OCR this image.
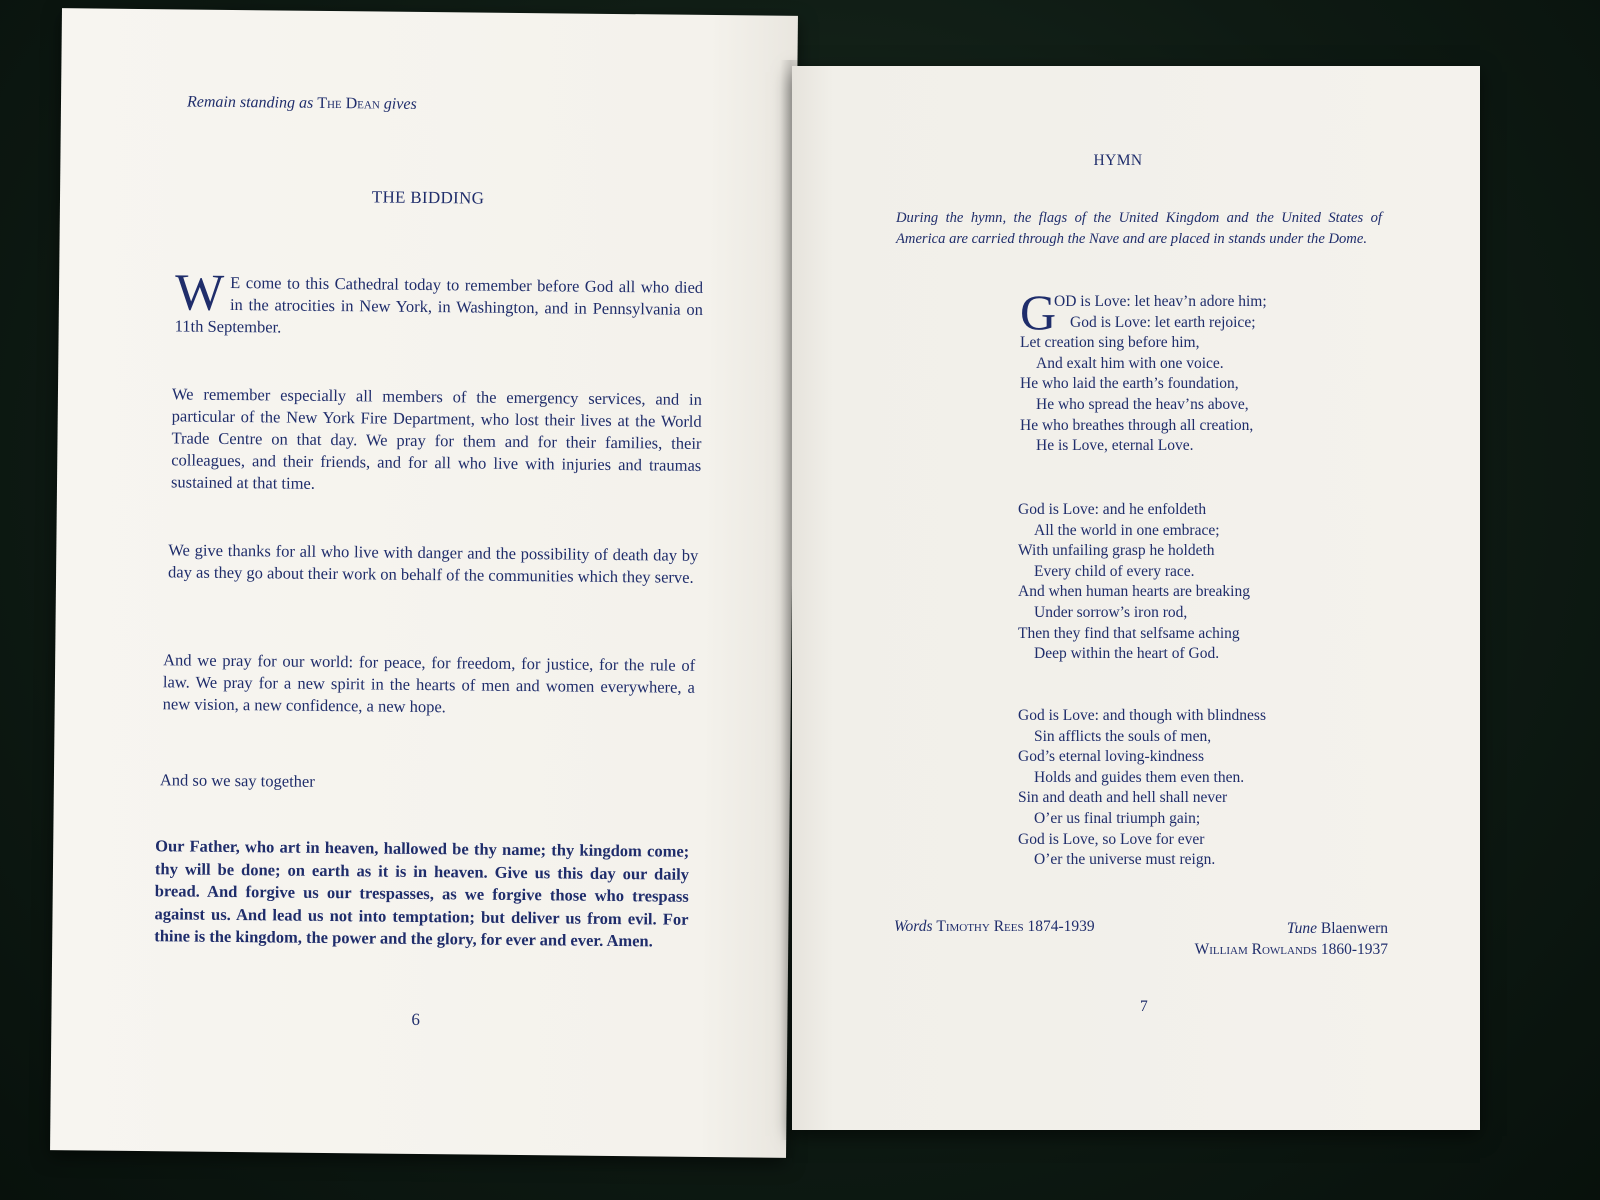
Remain standing as The Dean gives
THE BIDDING
W E come to this Cathedral today to remember before God all who died in the atrocities in New York, in Washington, and in Pennsylvania on 11th September.
We remember especially all members of the emergency services, and in particular of the New York Fire Department, who lost their lives at the World Trade Centre on that day. We pray for them and for their families, their colleagues, and their friends, and for all who live with injuries and traumas sustained at that time.
We give thanks for all who live with danger and the possibility of death day by day as they go about their work on behalf of the communities which they serve.
And we pray for our world: for peace, for freedom, for justice, for the rule of law. We pray for a new spirit in the hearts of men and women everywhere, a new vision, a new confidence, a new hope.
And so we say together
Our Father, who art in heaven, hallowed be thy name; thy kingdom come; thy will be done; on earth as it is in heaven. Give us this day our daily bread. And forgive us our trespasses, as we forgive those who trespass against us. And lead us not into temptation; but deliver us from evil. For thine is the kingdom, the power and the glory, for ever and ever. Amen.
6
HYMN
During the hymn, the flags of the United Kingdom and the United States of America are carried through the Nave and are placed in stands under the Dome.
G
OD is Love: let heav’n adore him;
God is Love: let earth rejoice;
Let creation sing before him,
And exalt him with one voice.
He who laid the earth’s foundation,
He who spread the heav’ns above,
He who breathes through all creation,
He is Love, eternal Love.
God is Love: and he enfoldeth
All the world in one embrace;
With unfailing grasp he holdeth
Every child of every race.
And when human hearts are breaking
Under sorrow’s iron rod,
Then they find that selfsame aching
Deep within the heart of God.
God is Love: and though with blindness
Sin afflicts the souls of men,
God’s eternal loving-kindness
Holds and guides them even then.
Sin and death and hell shall never
O’er us final triumph gain;
God is Love, so Love for ever
O’er the universe must reign.
Words Timothy Rees 1874-1939	Tune Blaenwern
William Rowlands 1860-1937
7
